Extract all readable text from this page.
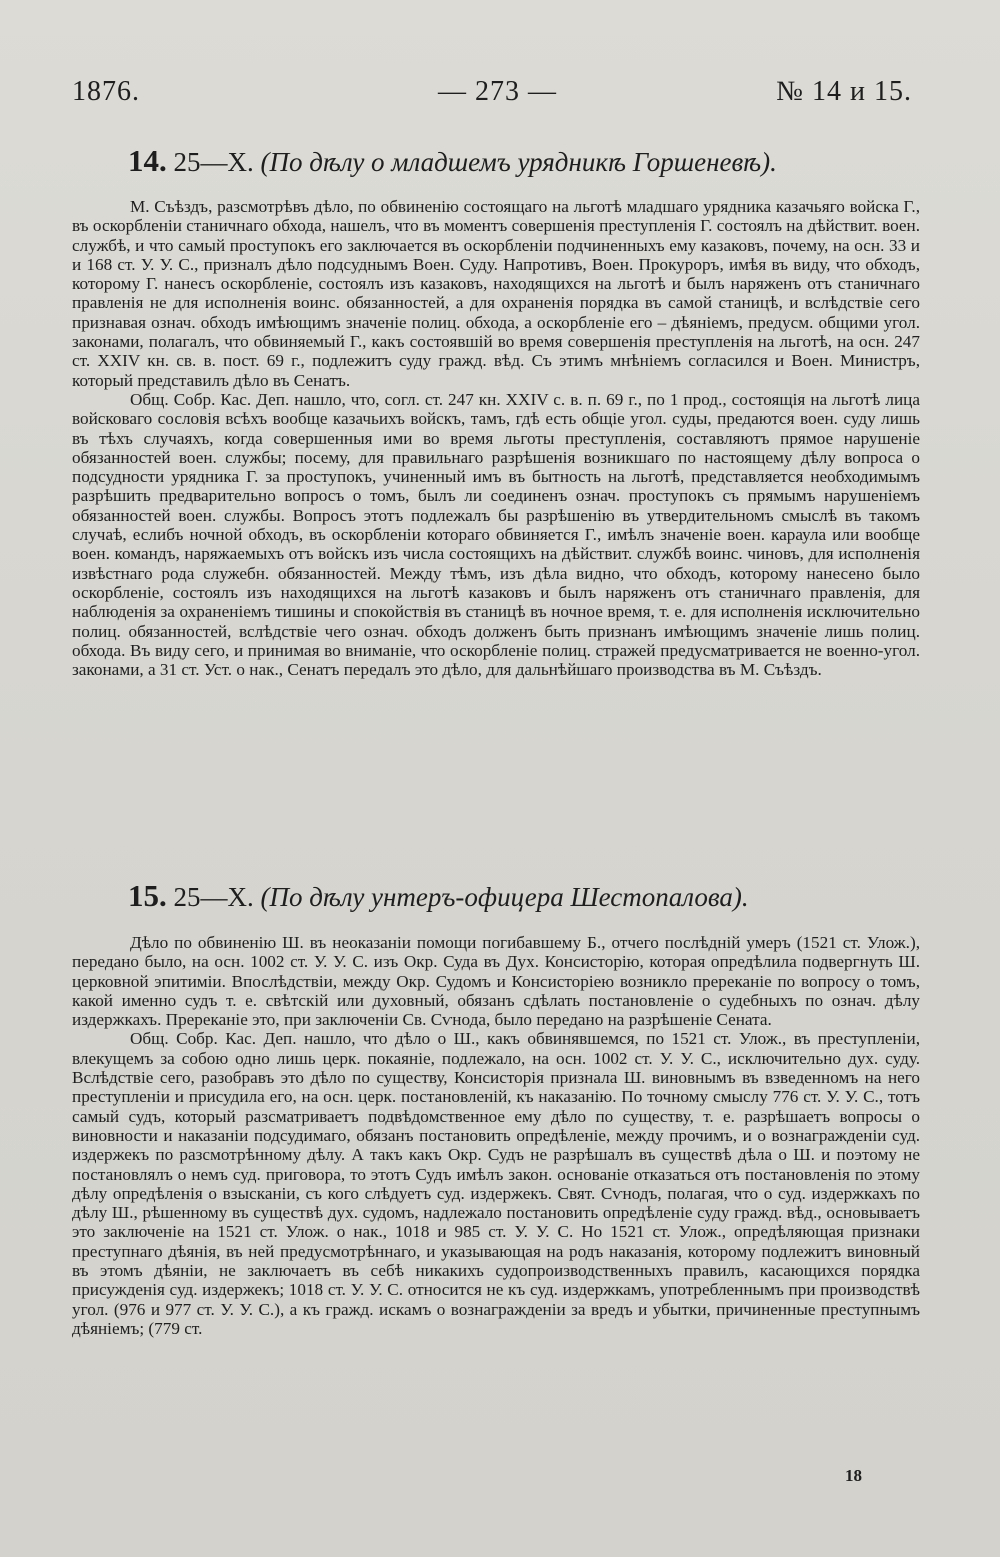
1876.	— 273 —	№ 14 и 15.
14. 25—X. (По дѣлу о младшемъ урядникѣ Горшеневѣ).

М. Съѣздъ, разсмотрѣвъ дѣло, по обвиненію состоящаго на льготѣ младшаго урядника казачьяго войска Г., въ оскорбленіи станичнаго обхода, нашелъ, что въ моментъ совершенія преступленія Г. состоялъ на дѣйствит. воен. службѣ, и что самый проступокъ его заключается въ оскорбленіи подчиненныхъ ему казаковъ, почему, на осн. 33 и и 168 ст. У. У. С., призналъ дѣло подсуднымъ Воен. Суду. Напротивъ, Воен. Прокуроръ, имѣя въ виду, что обходъ, которому Г. нанесъ оскорбленіе, состоялъ изъ казаковъ, находящихся на льготѣ и былъ наряженъ отъ станичнаго правленія не для исполненія воинс. обязанностей, а для охраненія порядка въ самой станицѣ, и вслѣдствіе сего признавая означ. обходъ имѣющимъ значеніе полиц. обхода, а оскорбленіе его – дѣяніемъ, предусм. общими угол. законами, полагалъ, что обвиняемый Г., какъ состоявшій во время совершенія преступленія на льготѣ, на осн. 247 ст. XXIV кн. св. в. пост. 69 г., подлежитъ суду гражд. вѣд. Съ этимъ мнѣніемъ согласился и Воен. Министръ, который представилъ дѣло въ Сенатъ.

Общ. Собр. Кас. Деп. нашло, что, согл. ст. 247 кн. XXIV с. в. п. 69 г., по 1 прод., состоящія на льготѣ лица войсковаго сословія всѣхъ вообще казачьихъ войскъ, тамъ, гдѣ есть общіе угол. суды, предаются воен. суду лишь въ тѣхъ случаяхъ, когда совершенныя ими во время льготы преступленія, составляютъ прямое нарушеніе обязанностей воен. службы; посему, для правильнаго разрѣшенія возникшаго по настоящему дѣлу вопроса о подсудности урядника Г. за проступокъ, учиненный имъ въ бытность на льготѣ, представляется необходимымъ разрѣшить предварительно вопросъ о томъ, былъ ли соединенъ означ. проступокъ съ прямымъ нарушеніемъ обязанностей воен. службы. Вопросъ этотъ подлежалъ бы разрѣшенію въ утвердительномъ смыслѣ въ такомъ случаѣ, еслибъ ночной обходъ, въ оскорбленіи котораго обвиняется Г., имѣлъ значеніе воен. караула или вообще воен. командъ, наряжаемыхъ отъ войскъ изъ числа состоящихъ на дѣйствит. службѣ воинс. чиновъ, для исполненія извѣстнаго рода служебн. обязанностей. Между тѣмъ, изъ дѣла видно, что обходъ, которому нанесено было оскорбленіе, состоялъ изъ находящихся на льготѣ казаковъ и былъ наряженъ отъ станичнаго правленія, для наблюденія за охраненіемъ тишины и спокойствія въ станицѣ въ ночное время, т. е. для исполненія исключительно полиц. обязанностей, вслѣдствіе чего означ. обходъ долженъ быть признанъ имѣющимъ значеніе лишь полиц. обхода. Въ виду сего, и принимая во вниманіе, что оскорбленіе полиц. стражей предусматривается не военно-угол. законами, а 31 ст. Уст. о нак., Сенатъ передалъ это дѣло, для дальнѣйшаго производства въ М. Съѣздъ.

15. 25—X. (По дѣлу унтеръ-офицера Шестопалова).

Дѣло по обвиненію Ш. въ неоказаніи помощи погибавшему Б., отчего послѣдній умеръ (1521 ст. Улож.), передано было, на осн. 1002 ст. У. У. С. изъ Окр. Суда въ Дух. Консисторію, которая опредѣлила подвергнуть Ш. церковной эпитиміи. Впослѣдствіи, между Окр. Судомъ и Консисторіею возникло пререканіе по вопросу о томъ, какой именно судъ т. е. свѣтскій или духовный, обязанъ сдѣлать постановленіе о судебныхъ по означ. дѣлу издержкахъ. Пререканіе это, при заключеніи Св. Сѵнода, было передано на разрѣшеніе Сената.

Общ. Собр. Кас. Деп. нашло, что дѣло о Ш., какъ обвинявшемся, по 1521 ст. Улож., въ преступленіи, влекущемъ за собою одно лишь церк. покаяніе, подлежало, на осн. 1002 ст. У. У. С., исключительно дух. суду. Вслѣдствіе сего, разобравъ это дѣло по существу, Консисторія признала Ш. виновнымъ въ взведенномъ на него преступленіи и присудила его, на осн. церк. постановленій, къ наказанію. По точному смыслу 776 ст. У. У. С., тотъ самый судъ, который разсматриваетъ подвѣдомственное ему дѣло по существу, т. е. разрѣшаетъ вопросы о виновности и наказаніи подсудимаго, обязанъ постановить опредѣленіе, между прочимъ, и о вознагражденіи суд. издержекъ по разсмотрѣнному дѣлу. А такъ какъ Окр. Судъ не разрѣшалъ въ существѣ дѣла о Ш. и поэтому не постановлялъ о немъ суд. приговора, то этотъ Судъ имѣлъ закон. основаніе отказаться отъ постановленія по этому дѣлу опредѣленія о взысканіи, съ кого слѣдуетъ суд. издержекъ. Свят. Сѵнодъ, полагая, что о суд. издержкахъ по дѣлу Ш., рѣшенному въ существѣ дух. судомъ, надлежало постановить опредѣленіе суду гражд. вѣд., основываетъ это заключеніе на 1521 ст. Улож. о нак., 1018 и 985 ст. У. У. С. Но 1521 ст. Улож., опредѣляющая признаки преступнаго дѣянія, въ ней предусмотрѣннаго, и указывающая на родъ наказанія, которому подлежитъ виновный въ этомъ дѣяніи, не заключаетъ въ себѣ никакихъ судопроизводственныхъ правилъ, касающихся порядка присужденія суд. издержекъ; 1018 ст. У. У. С. относится не къ суд. издержкамъ, употребленнымъ при производствѣ угол. (976 и 977 ст. У. У. С.), а къ гражд. искамъ о вознагражденіи за вредъ и убытки, причиненные преступнымъ дѣяніемъ; (779 ст.

18
